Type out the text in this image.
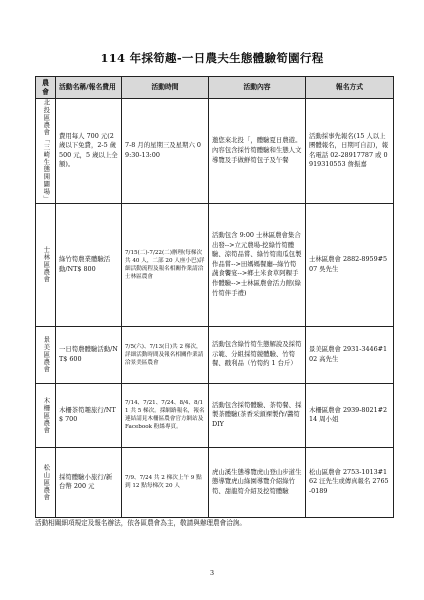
114 年採筍趣-一日農夫生態體驗筍園行程
農會	活動名稱/報名費用	活動時間	活動內容	報名方式

北投區農會「三崎生態開闢場」	費用每人 700 元(2 歲以下免費，2-5 歲 500 元，5 歲以上全額)。	7-8 月的星期三及星期六 09:30-13:00	邀您來北投「，體驗夏日農遊。內容包含採竹筍體驗和生態人文導覽及手做鮮筍包子及午餐	活動採事先報名(15 人以上團體報名，日期可自訂)，報名電話 02-28917787 或 0919310553 詹振嘉

士林區農會	綠竹筍農業體驗活動/NT$ 800	7/15(二)-7/22(二)辦理(每梯次共 40 人，二部 20 人座小巴)詳細活動流程及報名相關作業請洽士林區農會	活動包含 9:00 士林區農會集合出發-->立元農場-挖綠竹筍體驗、涼筍品嘗、綠竹筍南瓜包製作品嘗-->田媽媽餐廳--綠竹筍蔬食饗宴-->鄉土米食草阿粿手作體驗-->士林區農會活力館(綠竹筍伴手禮)	士林區農會 2882-8959#507 吳先生

景美區農會	一日筍農體驗活動/NT$ 600	7/5(六)、7/13(日)共 2 梯次，詳細活動時間及報名相關作業請洽景美區農會	活動包含綠竹筍生態解說及採筍示範、分組採筍競體驗、竹筍餐、戳利品（竹筍約 1 台斤）	景美區農會 2931-3446#102 高先生

木柵區農會	木柵茶筍趣旅行/NT$ 700	7/14、7/21、7/24、8/4、8/11 共 5 梯次。採網路報名，報名連結請見木柵區農會官方網站及 Facebook 粉絲專頁。	活動包含採筍體驗、茶筍餐、採製茶體驗(茶香采頭裸製作/醬筍 DIY	木柵區農會 2939-8021#214 周小姐

松山區農會	採筍體驗小旅行/新台幣 200 元	7/9、7/24 共 2 梯次上午 9 點到 12 點每梯次 20 人	虎山溪生態導覽虎山登山步道生態導覽虎山綠園導覽介紹綠竹筍、甜龍筍介紹及挖筍體驗	松山區農會 2753-1013#162 汪先生或傳真報名 2765-0189
活動相關細項規定及報名辦法，依各區農會為主，敬請與辦理農會洽詢。
3
